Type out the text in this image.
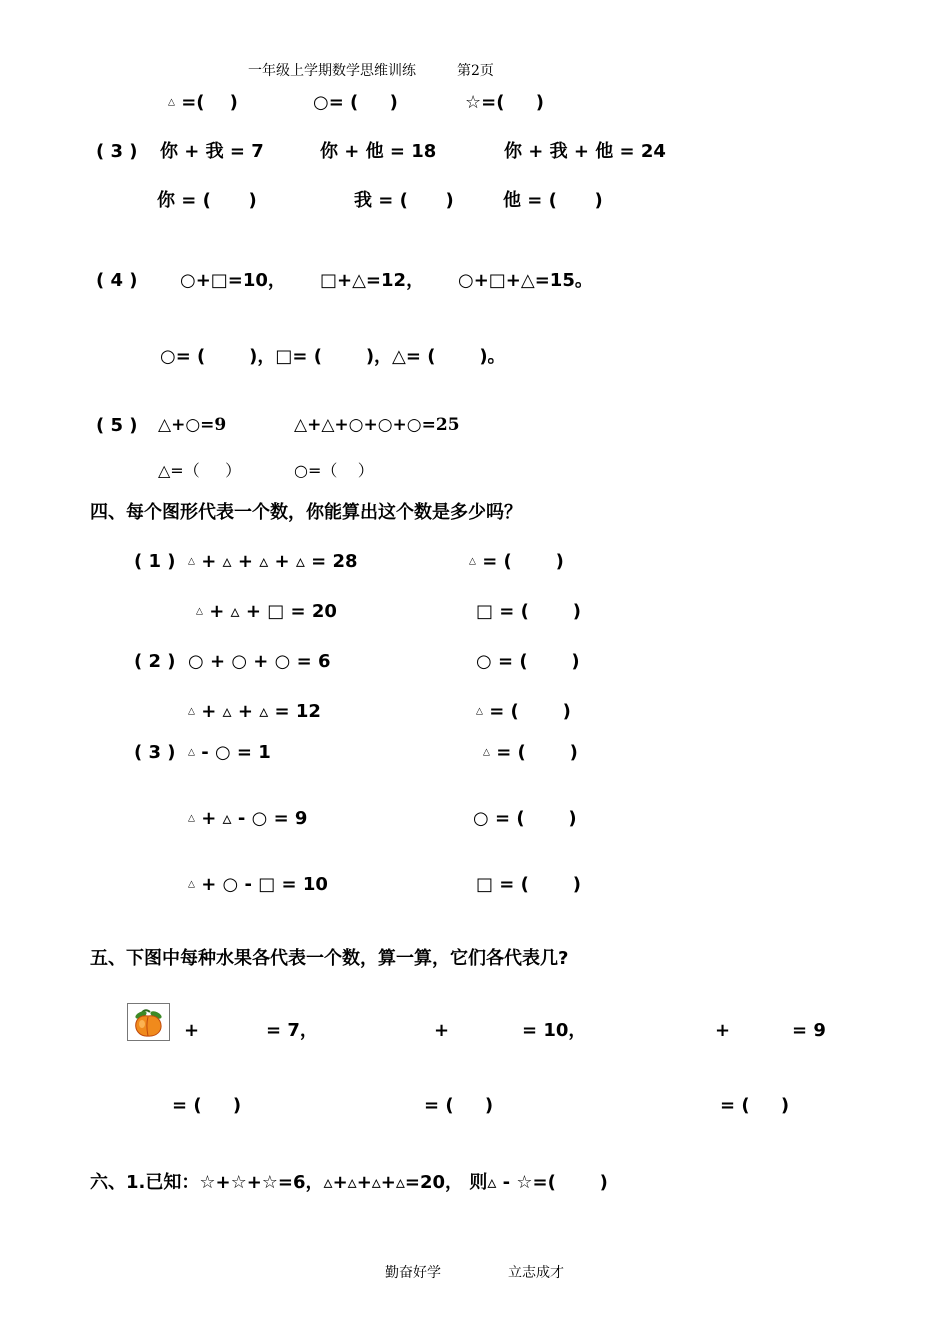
一年级上学期数学思维训练	第2页
△ =(    )	○= (     )	☆=(     )
( 3 ) 你 + 我 = 7	你 + 他 = 18	你 + 我 + 他 = 24
你 = (      )	我 = (      )	他 = (      )
( 4 ) ○+□=10， □+△=12， ○+□+△=15。
○= (       )，□= (       )，△= (       )。
( 5 ) △+○=9	△+△+○+○+○=25
△=（     ）	○=（    ）
四、每个图形代表一个数，你能算出这个数是多少吗？
( 1 ) △ + ▵ + ▵ + ▵ = 28	△ = (       )
△ + ▵ + □ = 20	□ = (       )
( 2 ) ○ + ○ + ○ = 6	○ = (       )
△ + ▵ + ▵ = 12	△ = (       )
( 3 ) △ - ○ = 1	△ = (       )
△ + ▵ - ○ = 9	○ = (       )
△ + ○ - □ = 10	□ = (       )
五、下图中每种水果各代表一个数，算一算，它们各代表几?
+	= 7，	+	= 10，	+	= 9
= (     )	= (     )	= (     )
六、1.已知：☆+☆+☆=6，▵+▵+▵+▵=20， 则▵ - ☆=(       )
勤奋好学	立志成才
